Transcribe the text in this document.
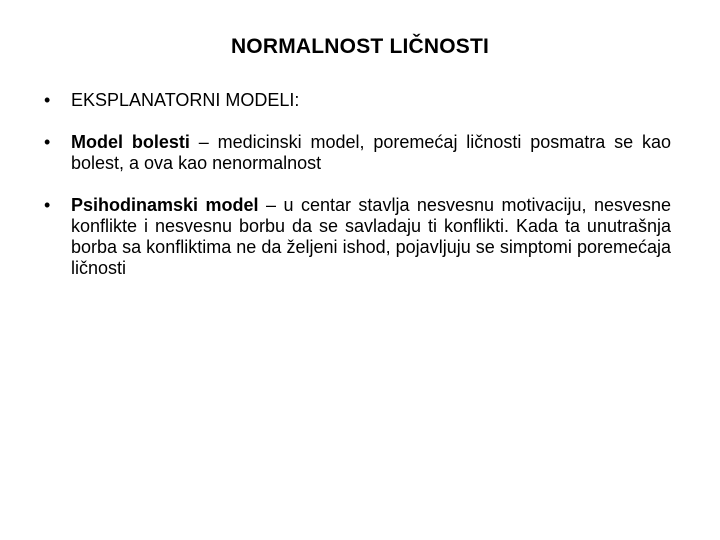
NORMALNOST LIČNOSTI
•	EKSPLANATORNI MODELI:
•	Model bolesti – medicinski model, poremećaj ličnosti posmatra se kao bolest, a ova kao nenormalnost
•	Psihodinamski model – u centar stavlja nesvesnu motivaciju, nesvesne konflikte i nesvesnu borbu da se savladaju ti konflikti. Kada ta unutrašnja borba sa konfliktima ne da željeni ishod, pojavljuju se simptomi poremećaja ličnosti
